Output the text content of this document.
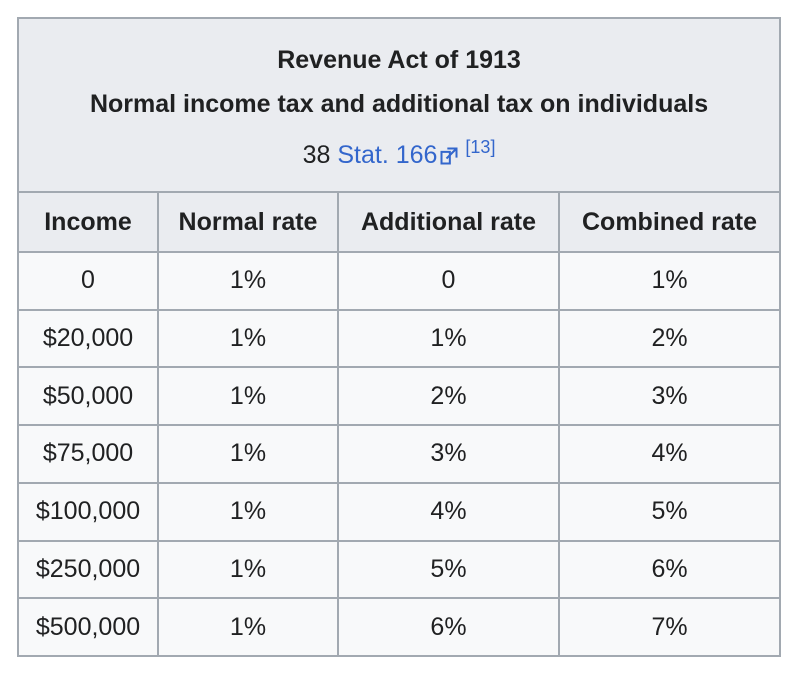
Revenue Act of 1913
Normal income tax and additional tax on individuals
38 Stat. 166 [13]

Income	Normal rate	Additional rate	Combined rate
0	1%	0	1%
$20,000	1%	1%	2%
$50,000	1%	2%	3%
$75,000	1%	3%	4%
$100,000	1%	4%	5%
$250,000	1%	5%	6%
$500,000	1%	6%	7%
